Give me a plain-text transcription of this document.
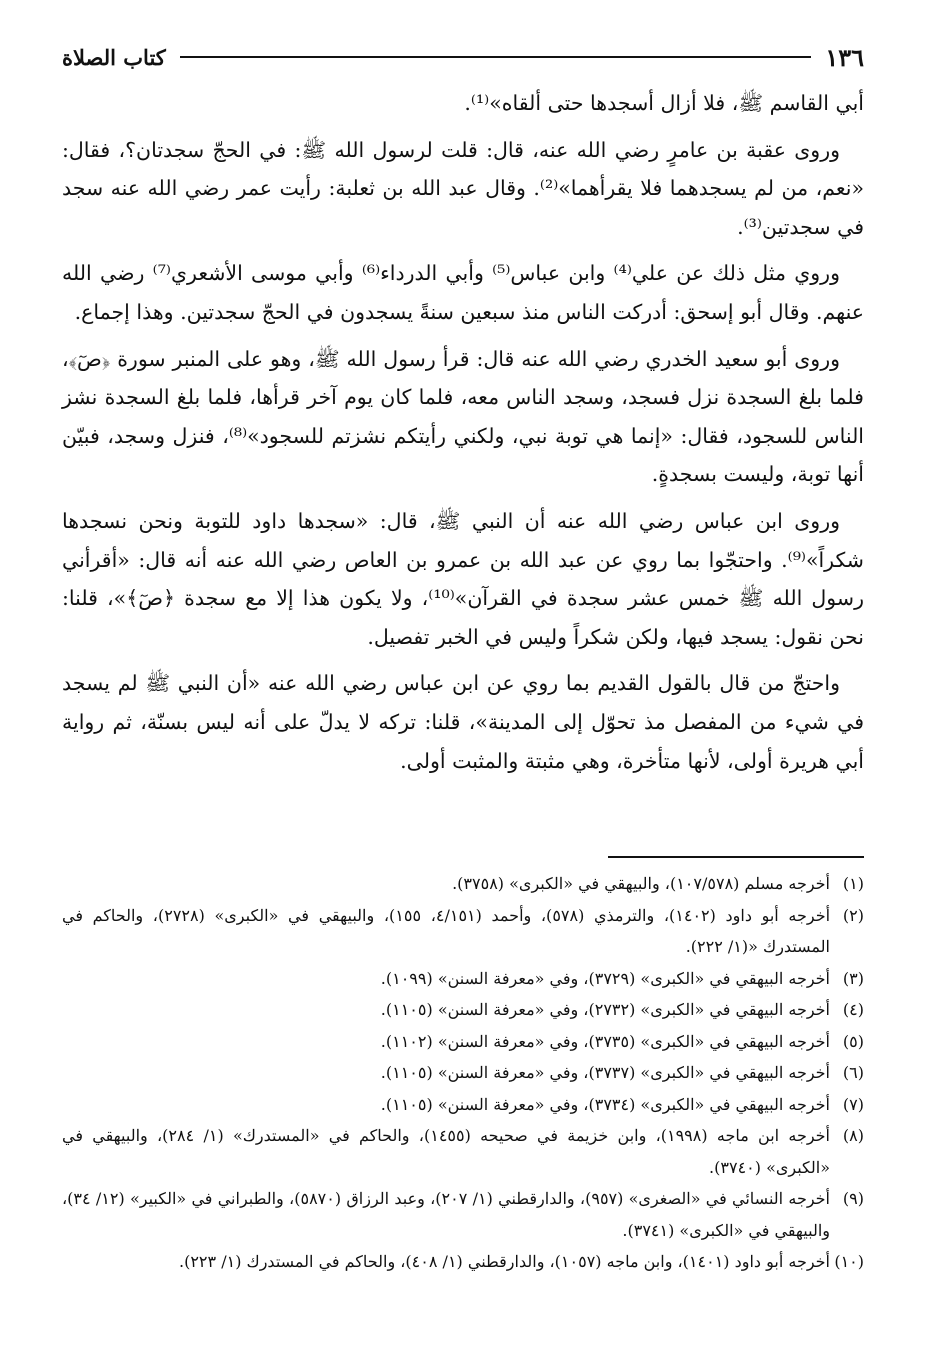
١٣٦
كتاب الصلاة

أبي القاسم ﷺ، فلا أزال أسجدها حتى ألقاه»⁽¹⁾.

وروى عقبة بن عامرٍ رضي الله عنه، قال: قلت لرسول الله ﷺ: في الحجّ سجدتان؟، فقال: «نعم، من لم يسجدهما فلا يقرأهما»⁽²⁾. وقال عبد الله بن ثعلبة: رأيت عمر رضي الله عنه سجد في سجدتين⁽³⁾.

وروي مثل ذلك عن علي⁽⁴⁾ وابن عباس⁽⁵⁾ وأبي الدرداء⁽⁶⁾ وأبي موسى الأشعري⁽⁷⁾ رضي الله عنهم. وقال أبو إسحق: أدركت الناس منذ سبعين سنةً يسجدون في الحجّ سجدتين. وهذا إجماع.

وروى أبو سعيد الخدري رضي الله عنه قال: قرأ رسول الله ﷺ، وهو على المنبر سورة ﴿صٓ﴾، فلما بلغ السجدة نزل فسجد، وسجد الناس معه، فلما كان يوم آخر قرأها، فلما بلغ السجدة نشز الناس للسجود، فقال: «إنما هي توبة نبي، ولكني رأيتكم نشزتم للسجود»⁽⁸⁾، فنزل وسجد، فبيّن أنها توبة، وليست بسجدةٍ.

وروى ابن عباس رضي الله عنه أن النبي ﷺ، قال: «سجدها داود للتوبة ونحن نسجدها شكراً»⁽⁹⁾. واحتجّوا بما روي عن عبد الله بن عمرو بن العاص رضي الله عنه أنه قال: «أقرأني رسول الله ﷺ خمس عشر سجدة في القرآن»⁽¹⁰⁾، ولا يكون هذا إلا مع سجدة ﴿صٓ﴾»، قلنا: نحن نقول: يسجد فيها، ولكن شكراً وليس في الخبر تفصيل.

واحتجّ من قال بالقول القديم بما روي عن ابن عباس رضي الله عنه «أن النبي ﷺ لم يسجد في شيء من المفصل مذ تحوّل إلى المدينة»، قلنا: تركه لا يدلّ على أنه ليس بسنّة، ثم رواية أبي هريرة أولى، لأنها متأخرة، وهي مثبتة والمثبت أولى.

(١)
أخرجه مسلم (١٠٧/٥٧٨)، والبيهقي في «الكبرى» (٣٧٥٨).
(٢)
أخرجه أبو داود (١٤٠٢)، والترمذي (٥٧٨)، وأحمد (٤/١٥١، ١٥٥)، والبيهقي في «الكبرى» (٢٧٢٨)، والحاكم في المستدرك «(١/ ٢٢٢).
(٣)
أخرجه البيهقي في «الكبرى» (٣٧٢٩)، وفي «معرفة السنن» (١٠٩٩).
(٤)
أخرجه البيهقي في «الكبرى» (٢٧٣٢)، وفي «معرفة السنن» (١١٠٥).
(٥)
أخرجه البيهقي في «الكبرى» (٣٧٣٥)، وفي «معرفة السنن» (١١٠٢).
(٦)
أخرجه البيهقي في «الكبرى» (٣٧٣٧)، وفي «معرفة السنن» (١١٠٥).
(٧)
أخرجه البيهقي في «الكبرى» (٣٧٣٤)، وفي «معرفة السنن» (١١٠٥).
(٨)
أخرجه ابن ماجه (١٩٩٨)، وابن خزيمة في صحيحه (١٤٥٥)، والحاكم في «المستدرك» (١/ ٢٨٤)، والبيهقي في «الكبرى» (٣٧٤٠).
(٩)
أخرجه النسائي في «الصغرى» (٩٥٧)، والدارقطني (١/ ٢٠٧)، وعبد الرزاق (٥٨٧٠)، والطبراني في «الكبير» (١٢/ ٣٤)، والبيهقي في «الكبرى» (٣٧٤١).
(١٠)
أخرجه أبو داود (١٤٠١)، وابن ماجه (١٠٥٧)، والدارقطني (١/ ٤٠٨)، والحاكم في المستدرك (١/ ٢٢٣).
